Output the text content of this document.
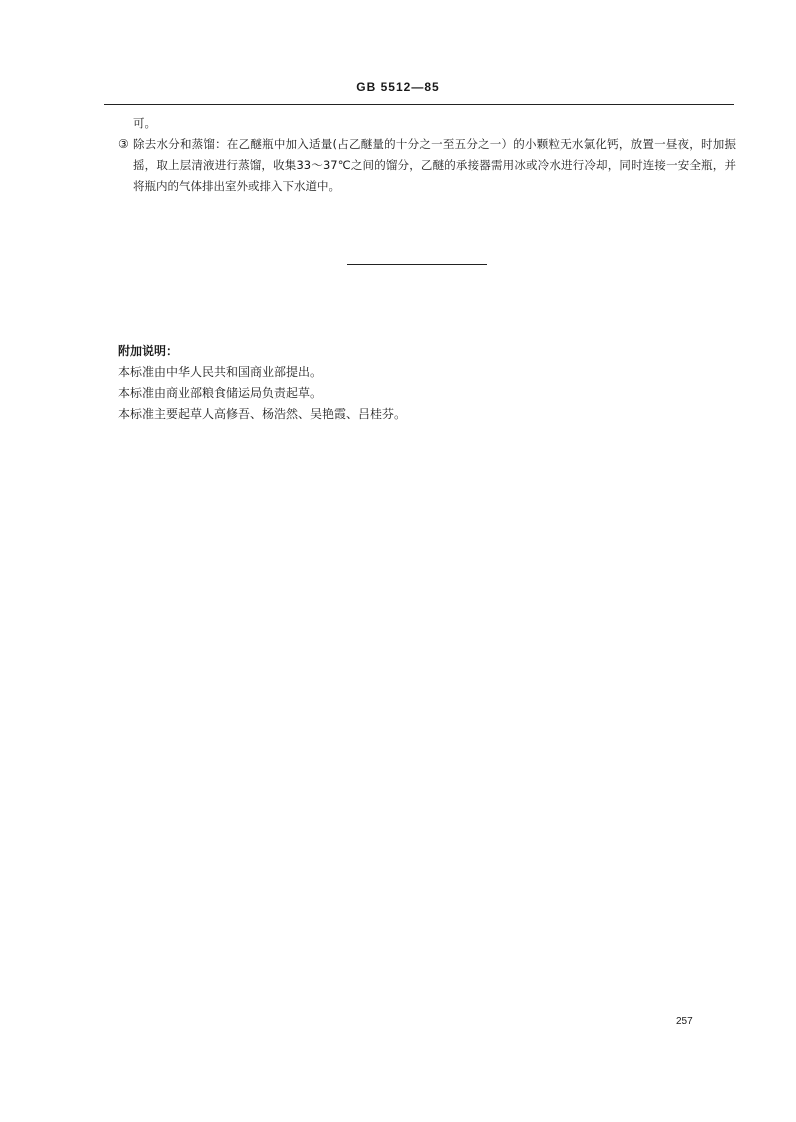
GB 5512—85
可。
③ 除去水分和蒸馏：在乙醚瓶中加入适量(占乙醚量的十分之一至五分之一）的小颗粒无水氯化钙，放置一昼夜，时加振摇，取上层清液进行蒸馏，收集33～37℃之间的馏分，乙醚的承接器需用冰或冷水进行冷却，同时连接一安全瓶，并将瓶内的气体排出室外或排入下水道中。
附加说明：
本标准由中华人民共和国商业部提出。
本标准由商业部粮食储运局负责起草。
本标准主要起草人高修吾、杨浩然、吴艳霞、吕桂芬。
257
